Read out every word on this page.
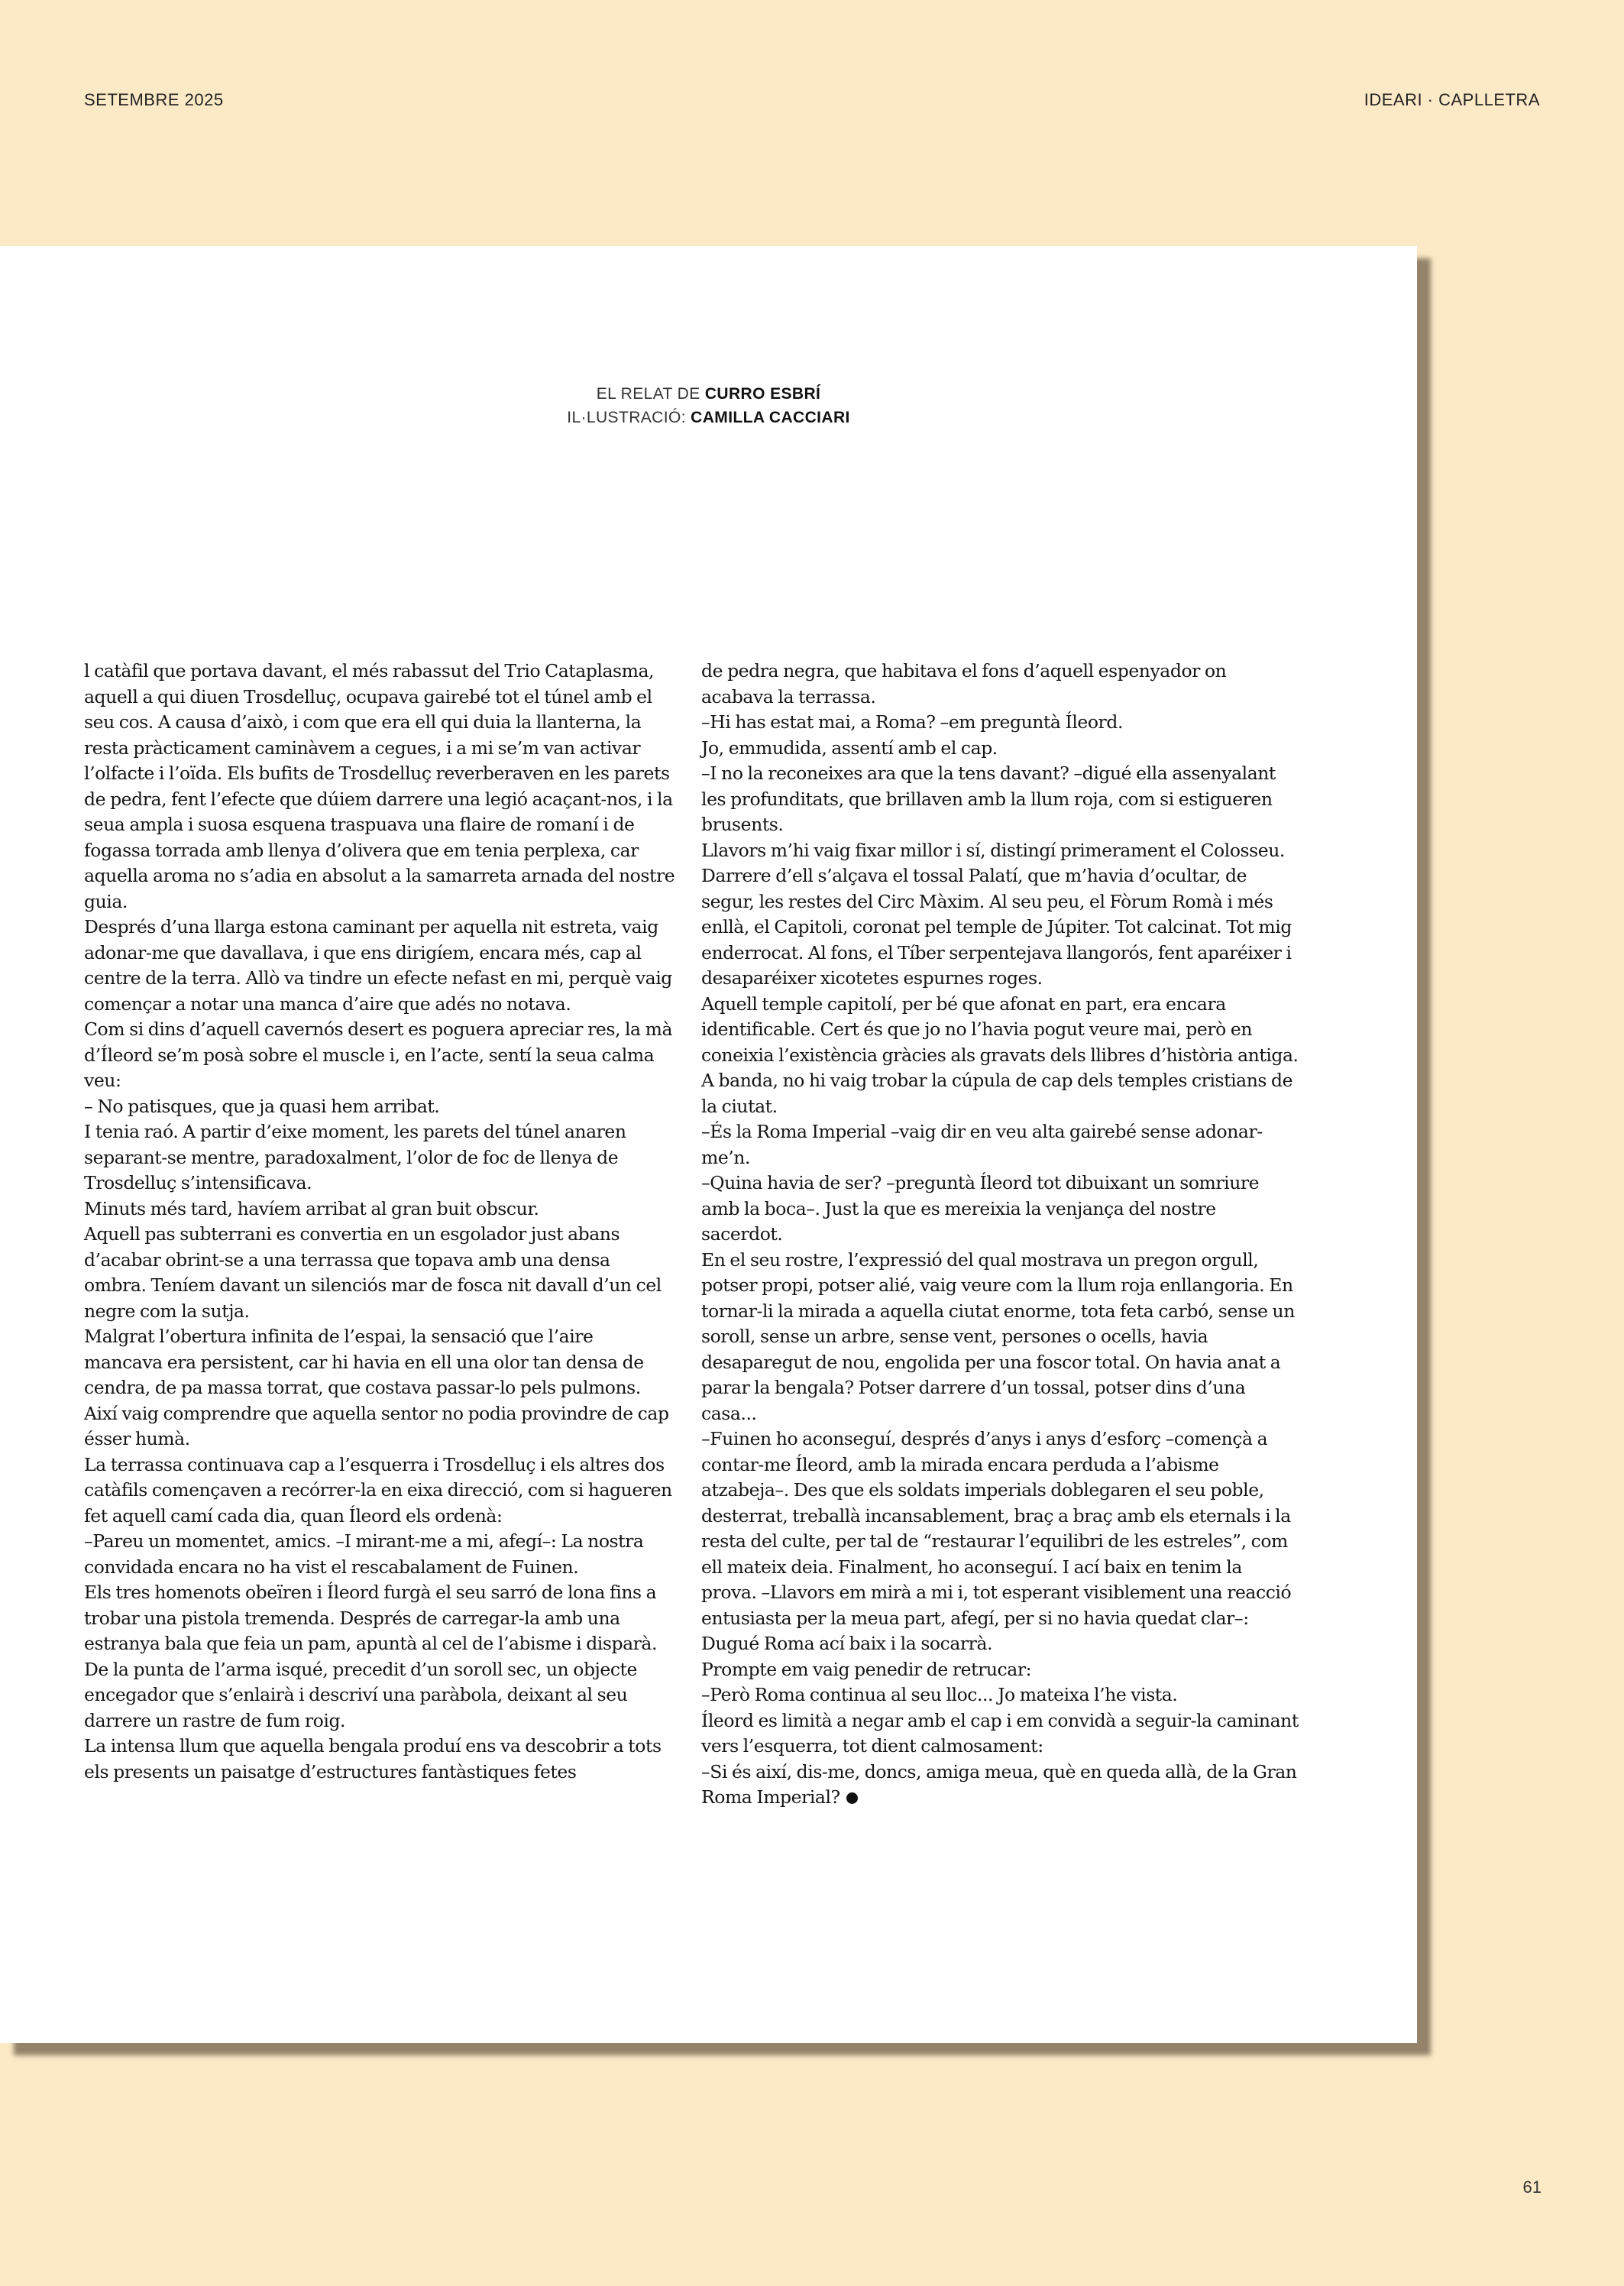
SETEMBRE 2025	IDEARI · CAPLLETRA
EL RELAT DE CURRO ESBRÍ
IL·LUSTRACIÓ: CAMILLA CACCIARI

l catàfil que portava davant, el més rabassut del Trio Cataplasma, aquell a qui diuen Trosdelluç, ocupava gairebé tot el túnel amb el seu cos. A causa d’això, i com que era ell qui duia la llanterna, la resta pràcticament caminàvem a cegues, i a mi se’m van activar l’olfacte i l’oïda. Els bufits de Trosdelluç reverberaven en les parets de pedra, fent l’efecte que dúiem darrere una legió acaçant-nos, i la seua ampla i suosa esquena traspuava una flaire de romaní i de fogassa torrada amb llenya d’olivera que em tenia perplexa, car aquella aroma no s’adia en absolut a la samarreta arnada del nostre guia.

Després d’una llarga estona caminant per aquella nit estreta, vaig adonar-me que davallava, i que ens dirigíem, encara més, cap al centre de la terra. Allò va tindre un efecte nefast en mi, perquè vaig començar a notar una manca d’aire que adés no notava.

Com si dins d’aquell cavernós desert es poguera apreciar res, la mà d’Íleord se’m posà sobre el muscle i, en l’acte, sentí la seua calma veu:

– No patisques, que ja quasi hem arribat.

I tenia raó. A partir d’eixe moment, les parets del túnel anaren separant-se mentre, paradoxalment, l’olor de foc de llenya de Trosdelluç s’intensificava.

Minuts més tard, havíem arribat al gran buit obscur.

Aquell pas subterrani es convertia en un esgolador just abans d’acabar obrint-se a una terrassa que topava amb una densa ombra. Teníem davant un silenciós mar de fosca nit davall d’un cel negre com la sutja.

Malgrat l’obertura infinita de l’espai, la sensació que l’aire mancava era persistent, car hi havia en ell una olor tan densa de cendra, de pa massa torrat, que costava passar-lo pels pulmons. Així vaig comprendre que aquella sentor no podia provindre de cap ésser humà.

La terrassa continuava cap a l’esquerra i Trosdelluç i els altres dos catàfils començaven a recórrer-la en eixa direcció, com si hagueren fet aquell camí cada dia, quan Íleord els ordenà:

–Pareu un momentet, amics. –I mirant-me a mi, afegí–: La nostra convidada encara no ha vist el rescabalament de Fuinen.

Els tres homenots obeïren i Íleord furgà el seu sarró de lona fins a trobar una pistola tremenda. Després de carregar-la amb una estranya bala que feia un pam, apuntà al cel de l’abisme i disparà. De la punta de l’arma isqué, precedit d’un soroll sec, un objecte encegador que s’enlairà i descriví una paràbola, deixant al seu darrere un rastre de fum roig.

La intensa llum que aquella bengala produí ens va descobrir a tots els presents un paisatge d’estructures fantàstiques fetes

de pedra negra, que habitava el fons d’aquell espenyador on acabava la terrassa.

–Hi has estat mai, a Roma? –em preguntà Íleord.

Jo, emmudida, assentí amb el cap.

–I no la reconeixes ara que la tens davant? –digué ella assenyalant les profunditats, que brillaven amb la llum roja, com si estigueren brusents.

Llavors m’hi vaig fixar millor i sí, distingí primerament el Colosseu. Darrere d’ell s’alçava el tossal Palatí, que m’havia d’ocultar, de segur, les restes del Circ Màxim. Al seu peu, el Fòrum Romà i més enllà, el Capitoli, coronat pel temple de Júpiter. Tot calcinat. Tot mig enderrocat. Al fons, el Tíber serpentejava llangorós, fent aparéixer i desaparéixer xicotetes espurnes roges.

Aquell temple capitolí, per bé que afonat en part, era encara identificable. Cert és que jo no l’havia pogut veure mai, però en coneixia l’existència gràcies als gravats dels llibres d’història antiga. A banda, no hi vaig trobar la cúpula de cap dels temples cristians de la ciutat.

–És la Roma Imperial –vaig dir en veu alta gairebé sense adonar-me’n.

–Quina havia de ser? –preguntà Íleord tot dibuixant un somriure amb la boca–. Just la que es mereixia la venjança del nostre sacerdot.

En el seu rostre, l’expressió del qual mostrava un pregon orgull, potser propi, potser alié, vaig veure com la llum roja enllangoria. En tornar-li la mirada a aquella ciutat enorme, tota feta carbó, sense un soroll, sense un arbre, sense vent, persones o ocells, havia desaparegut de nou, engolida per una foscor total. On havia anat a parar la bengala? Potser darrere d’un tossal, potser dins d’una casa...

–Fuinen ho aconseguí, després d’anys i anys d’esforç –començà a contar-me Íleord, amb la mirada encara perduda a l’abisme atzabeja–. Des que els soldats imperials doblegaren el seu poble, desterrat, treballà incansablement, braç a braç amb els eternals i la resta del culte, per tal de “restaurar l’equilibri de les estreles”, com ell mateix deia. Finalment, ho aconseguí. I ací baix en tenim la prova. –Llavors em mirà a mi i, tot esperant visiblement una reacció entusiasta per la meua part, afegí, per si no havia quedat clar–: Dugué Roma ací baix i la socarrà.

Prompte em vaig penedir de retrucar:

–Però Roma continua al seu lloc... Jo mateixa l’he vista.

Íleord es limità a negar amb el cap i em convidà a seguir-la caminant vers l’esquerra, tot dient calmosament:

–Si és així, dis-me, doncs, amiga meua, què en queda allà, de la Gran Roma Imperial?

61
